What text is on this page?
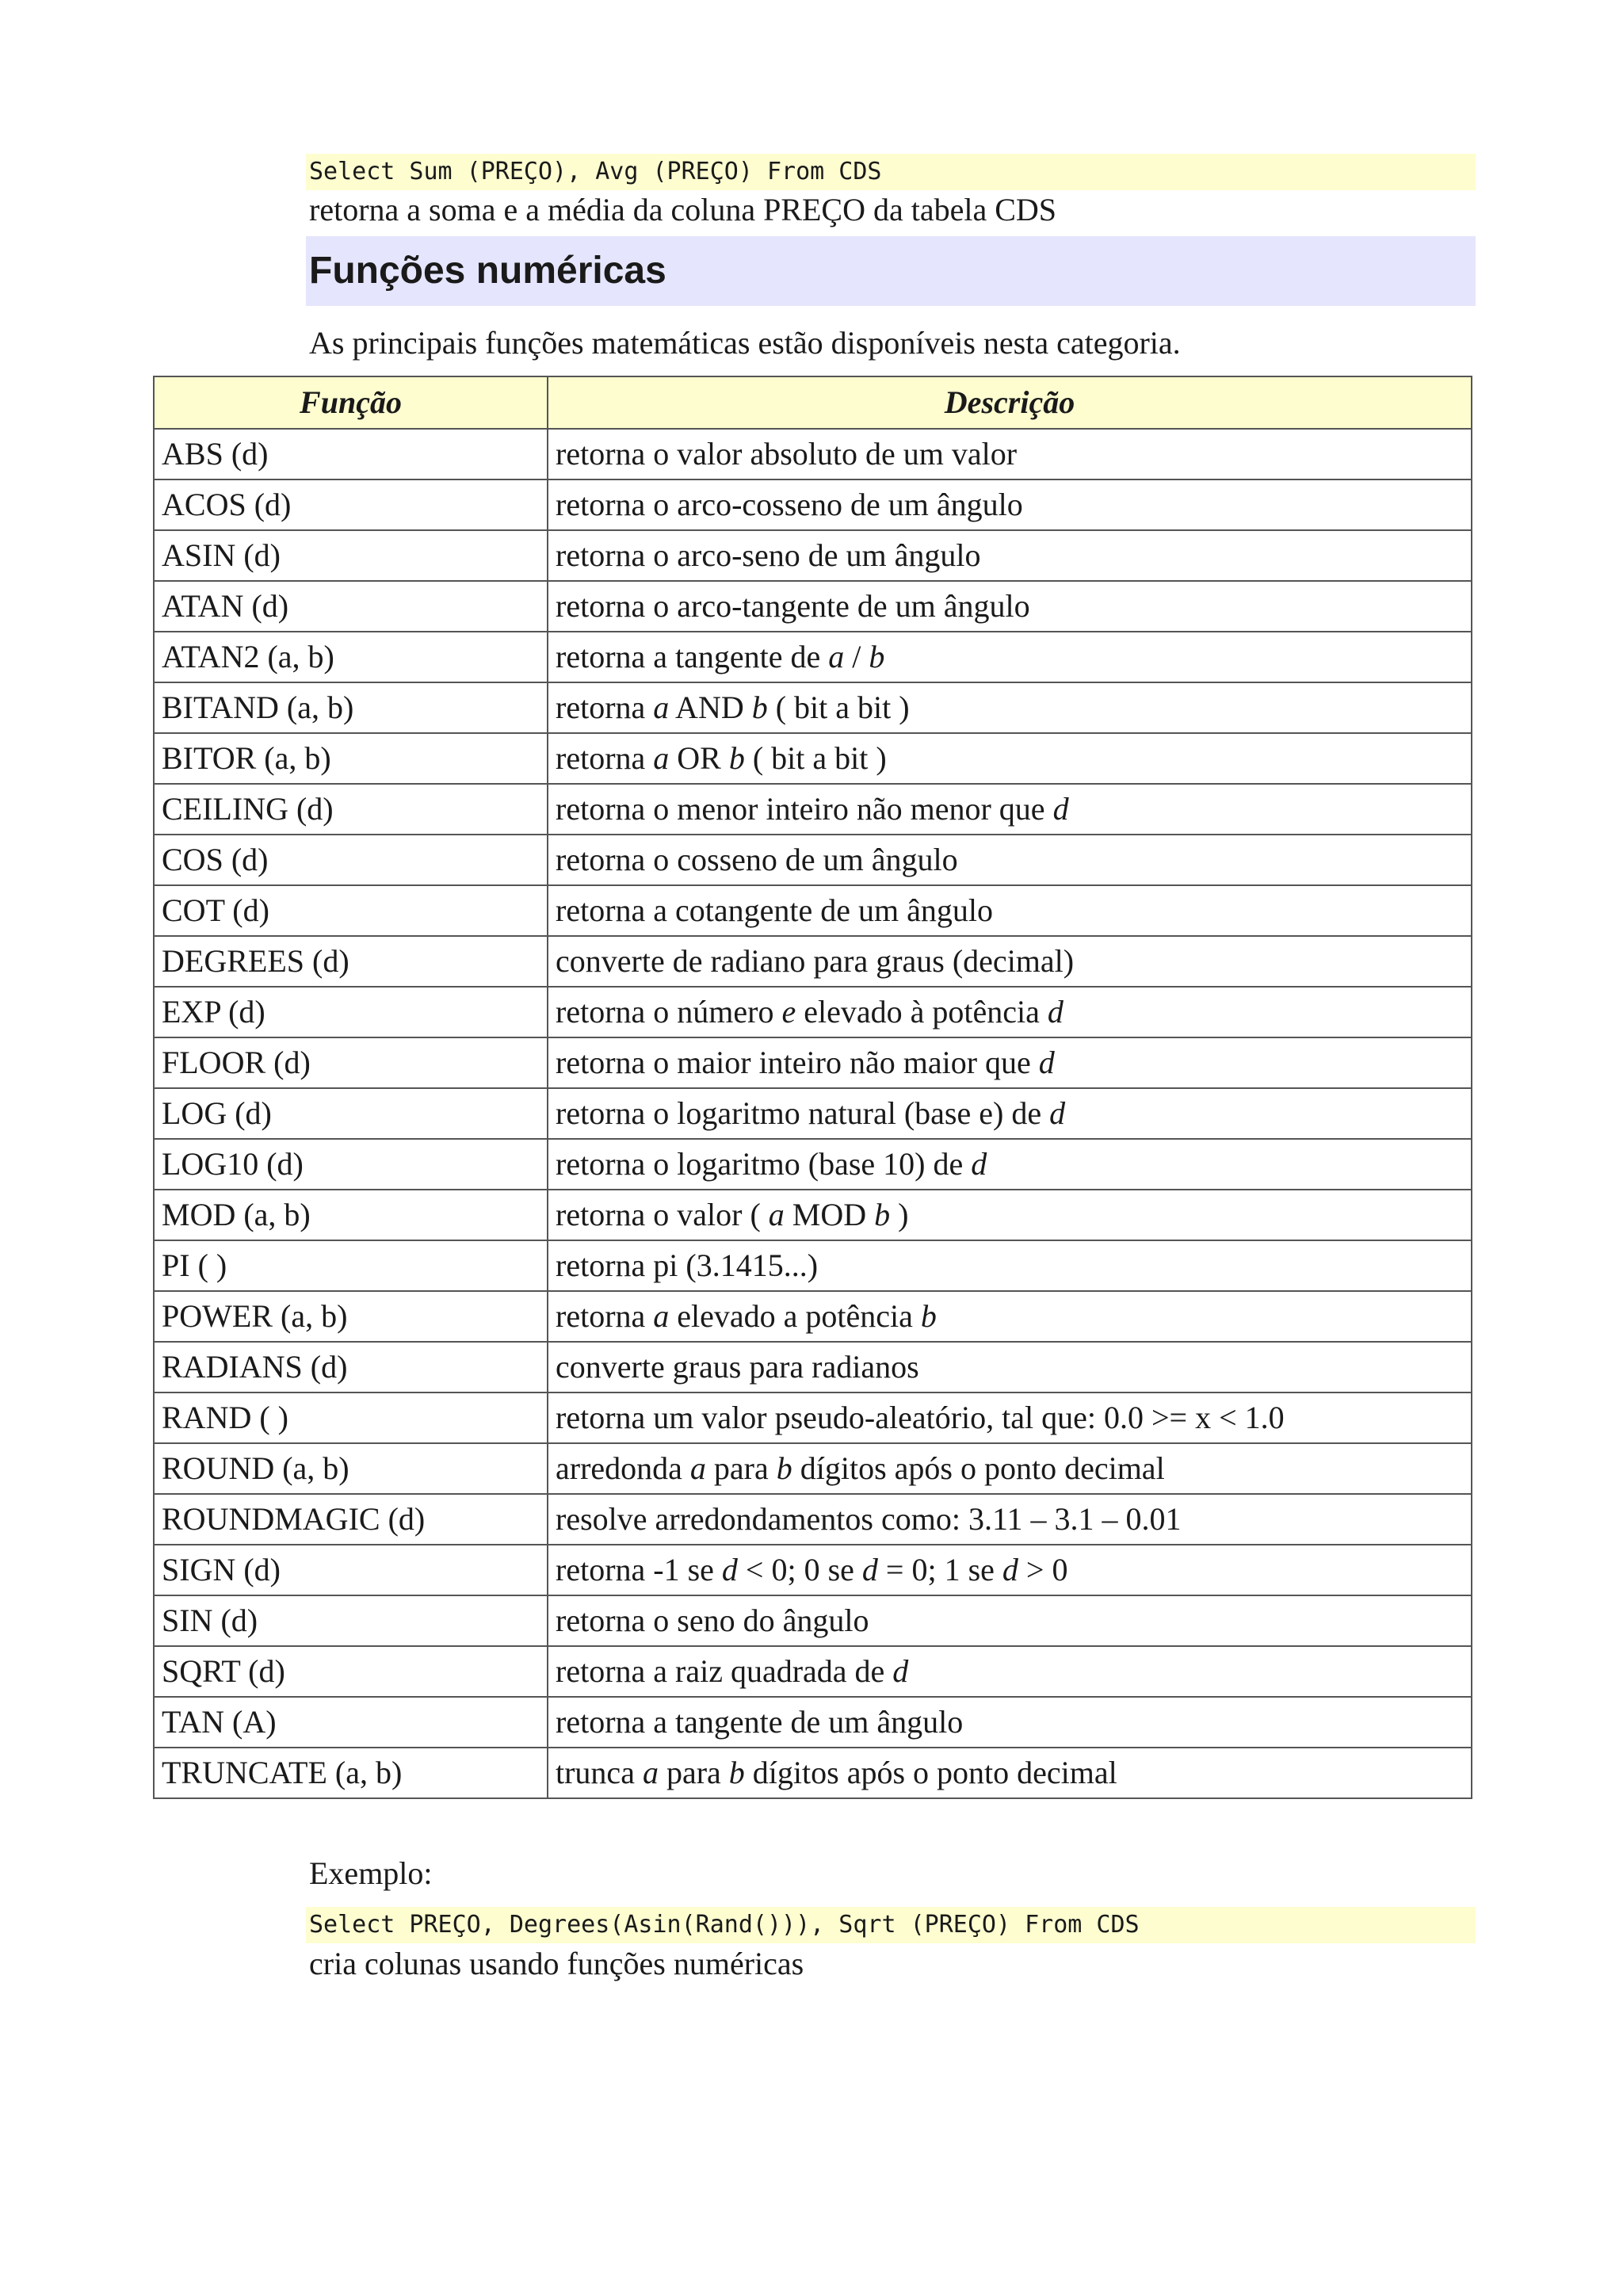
Select Sum (PREÇO), Avg (PREÇO) From CDS
retorna a soma e a média da coluna PREÇO da tabela CDS
Funções numéricas
As principais funções matemáticas estão disponíveis nesta categoria.
Função	Descrição
ABS (d)	retorna o valor absoluto de um valor
ACOS (d)	retorna o arco-cosseno de um ângulo
ASIN (d)	retorna o arco-seno de um ângulo
ATAN (d)	retorna o arco-tangente de um ângulo
ATAN2 (a, b)	retorna a tangente de a / b
BITAND (a, b)	retorna a AND b ( bit a bit )
BITOR (a, b)	retorna a OR b ( bit a bit )
CEILING (d)	retorna o menor inteiro não menor que d
COS (d)	retorna o cosseno de um ângulo
COT (d)	retorna a cotangente de um ângulo
DEGREES (d)	converte de radiano para graus (decimal)
EXP (d)	retorna o número e elevado à potência d
FLOOR (d)	retorna o maior inteiro não maior que d
LOG (d)	retorna o logaritmo natural (base e) de d
LOG10 (d)	retorna o logaritmo (base 10) de d
MOD (a, b)	retorna o valor ( a MOD b )
PI ( )	retorna pi (3.1415...)
POWER (a, b)	retorna a elevado a potência b
RADIANS (d)	converte graus para radianos
RAND ( )	retorna um valor pseudo-aleatório, tal que: 0.0 >= x < 1.0
ROUND (a, b)	arredonda a para b dígitos após o ponto decimal
ROUNDMAGIC (d)	resolve arredondamentos como: 3.11 – 3.1 – 0.01
SIGN (d)	retorna -1 se d < 0; 0 se d = 0; 1 se d > 0
SIN (d)	retorna o seno do ângulo
SQRT (d)	retorna a raiz quadrada de d
TAN (A)	retorna a tangente de um ângulo
TRUNCATE (a, b)	trunca a para b dígitos após o ponto decimal
Exemplo:
Select PREÇO, Degrees(Asin(Rand())), Sqrt (PREÇO) From CDS
cria colunas usando funções numéricas
